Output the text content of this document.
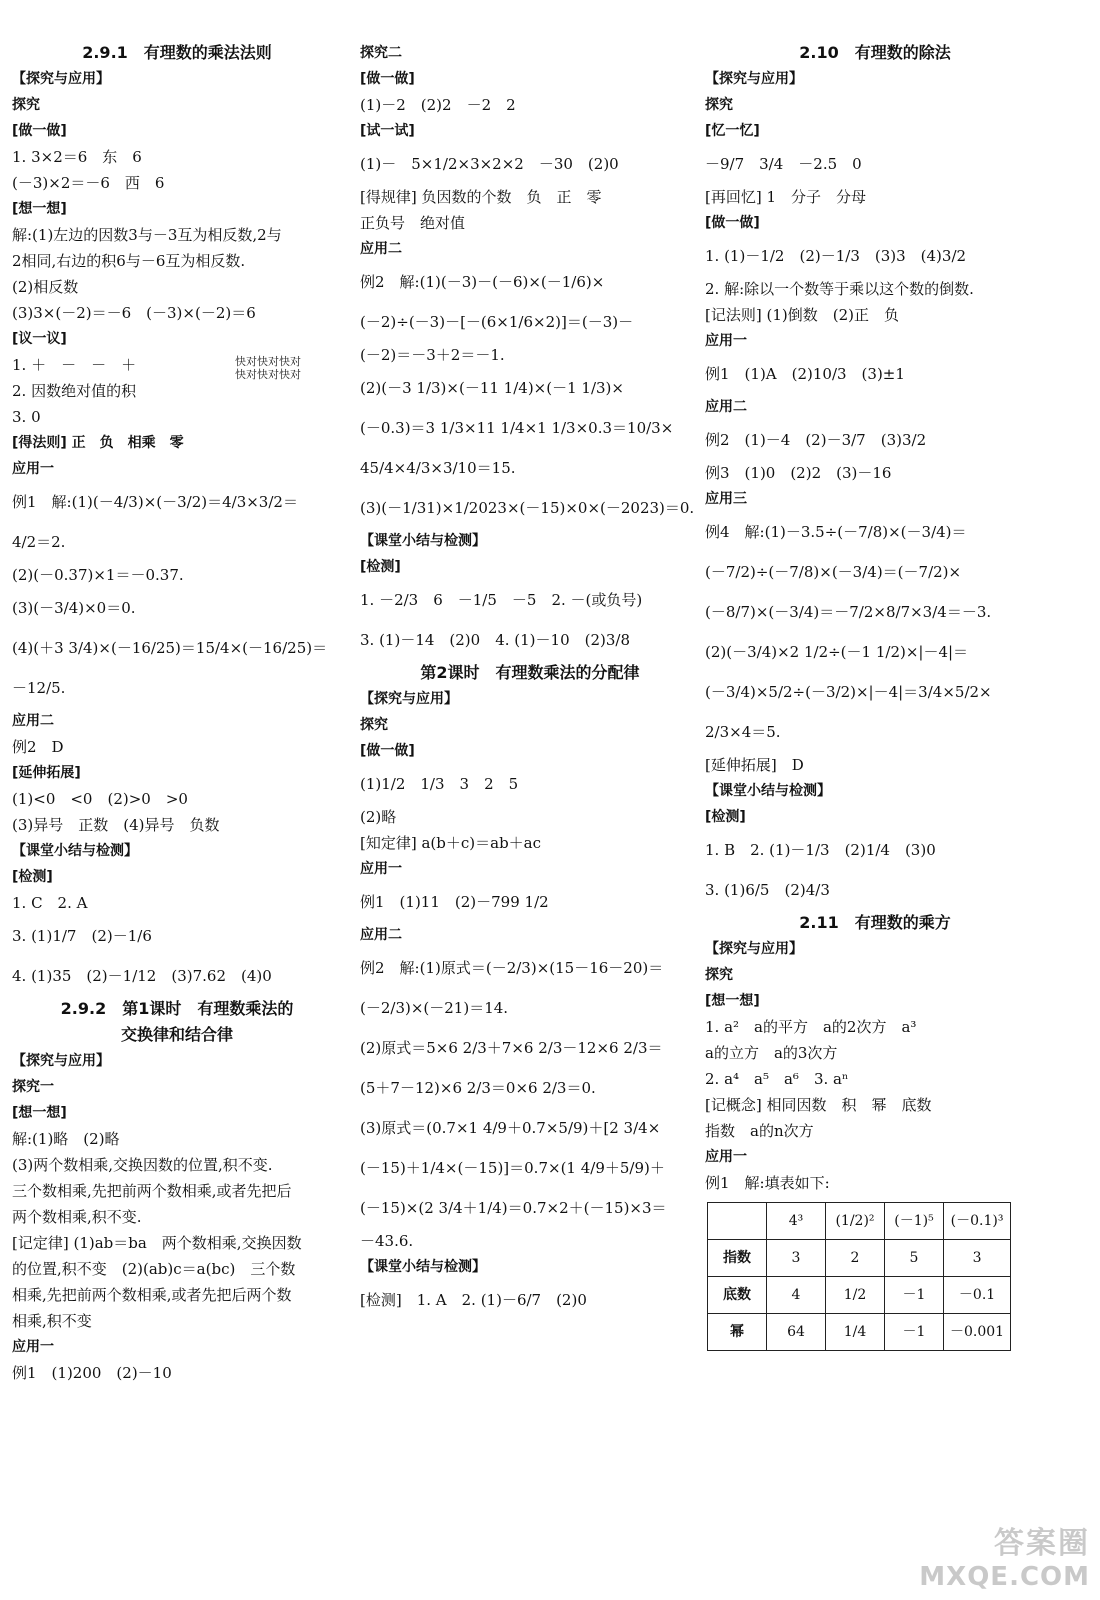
2.9.1　有理数的乘法法则
【探究与应用】
探究
[做一做]
1. 3×2＝6　东　6
(－3)×2＝－6　西　6
[想一想]
解:(1)左边的因数3与－3互为相反数,2与
2相同,右边的积6与－6互为相反数.
(2)相反数
(3)3×(－2)＝－6　(－3)×(－2)＝6
[议一议]
1. ＋　－　－　＋
2. 因数绝对值的积
3. 0
[得法则] 正　负　相乘　零
应用一
例1　解:(1)(－4/3)×(－3/2)＝4/3×3/2＝
4/2＝2.
(2)(－0.37)×1＝－0.37.
(3)(－3/4)×0＝0.
(4)(＋3 3/4)×(－16/25)＝15/4×(－16/25)＝
－12/5.
应用二
例2　D
[延伸拓展]
(1)<0　<0　(2)>0　>0
(3)异号　正数　(4)异号　负数
【课堂小结与检测】
[检测]
1. C　2. A
3. (1)1/7　(2)－1/6
4. (1)35　(2)－1/12　(3)7.62　(4)0
2.9.2　第1课时　有理数乘法的
交换律和结合律
【探究与应用】
探究一
[想一想]
解:(1)略　(2)略
(3)两个数相乘,交换因数的位置,积不变.
三个数相乘,先把前两个数相乘,或者先把后
两个数相乘,积不变.
[记定律] (1)ab＝ba　两个数相乘,交换因数
的位置,积不变　(2)(ab)c＝a(bc)　三个数
相乘,先把前两个数相乘,或者先把后两个数
相乘,积不变
应用一
例1　(1)200　(2)－10
探究二
[做一做]
(1)－2　(2)2　－2　2
[试一试]
(1)－　5×1/2×3×2×2　－30　(2)0
[得规律] 负因数的个数　负　正　零
正负号　绝对值
应用二
例2　解:(1)(－3)－(－6)×(－1/6)×
(－2)÷(－3)－[－(6×1/6×2)]＝(－3)－
(－2)＝－3＋2＝－1.
(2)(－3 1/3)×(－11 1/4)×(－1 1/3)×
(－0.3)＝3 1/3×11 1/4×1 1/3×0.3＝10/3×
45/4×4/3×3/10＝15.
(3)(－1/31)×1/2023×(－15)×0×(－2023)＝0.
【课堂小结与检测】
[检测]
1. －2/3　6　－1/5　－5　2. －(或负号)
3. (1)－14　(2)0　4. (1)－10　(2)3/8
第2课时　有理数乘法的分配律
【探究与应用】
探究
[做一做]
(1)1/2　1/3　3　2　5
(2)略
[知定律] a(b＋c)＝ab＋ac
应用一
例1　(1)11　(2)－799 1/2
应用二
例2　解:(1)原式＝(－2/3)×(15－16－20)＝
(－2/3)×(－21)＝14.
(2)原式＝5×6 2/3＋7×6 2/3－12×6 2/3＝
(5＋7－12)×6 2/3＝0×6 2/3＝0.
(3)原式＝(0.7×1 4/9＋0.7×5/9)＋[2 3/4×
(－15)＋1/4×(－15)]＝0.7×(1 4/9＋5/9)＋
(－15)×(2 3/4＋1/4)＝0.7×2＋(－15)×3＝
－43.6.
【课堂小结与检测】
[检测]　1. A　2. (1)－6/7　(2)0
2.10　有理数的除法
【探究与应用】
探究
[忆一忆]
－9/7　3/4　－2.5　0
[再回忆] 1　分子　分母
[做一做]
1. (1)－1/2　(2)－1/3　(3)3　(4)3/2
2. 解:除以一个数等于乘以这个数的倒数.
[记法则] (1)倒数　(2)正　负
应用一
例1　(1)A　(2)10/3　(3)±1
应用二
例2　(1)－4　(2)－3/7　(3)3/2
例3　(1)0　(2)2　(3)－16
应用三
例4　解:(1)－3.5÷(－7/8)×(－3/4)＝
(－7/2)÷(－7/8)×(－3/4)＝(－7/2)×
(－8/7)×(－3/4)＝－7/2×8/7×3/4＝－3.
(2)(－3/4)×2 1/2÷(－1 1/2)×|－4|＝
(－3/4)×5/2÷(－3/2)×|－4|＝3/4×5/2×
2/3×4＝5.
[延伸拓展]　D
【课堂小结与检测】
[检测]
1. B　2. (1)－1/3　(2)1/4　(3)0
3. (1)6/5　(2)4/3
2.11　有理数的乘方
【探究与应用】
探究
[想一想]
1. a²　a的平方　a的2次方　a³
a的立方　a的3次方
2. a⁴　a⁵　a⁶　3. aⁿ
[记概念] 相同因数　积　幂　底数
指数　a的n次方
应用一
例1　解:填表如下:
	4³	(1/2)²	(－1)⁵	(－0.1)³
指数	3	2	5	3
底数	4	1/2	－1	－0.1
幂	64	1/4	－1	－0.001
快对快对快对
快对快对快对
答案圈
MXQE.COM
